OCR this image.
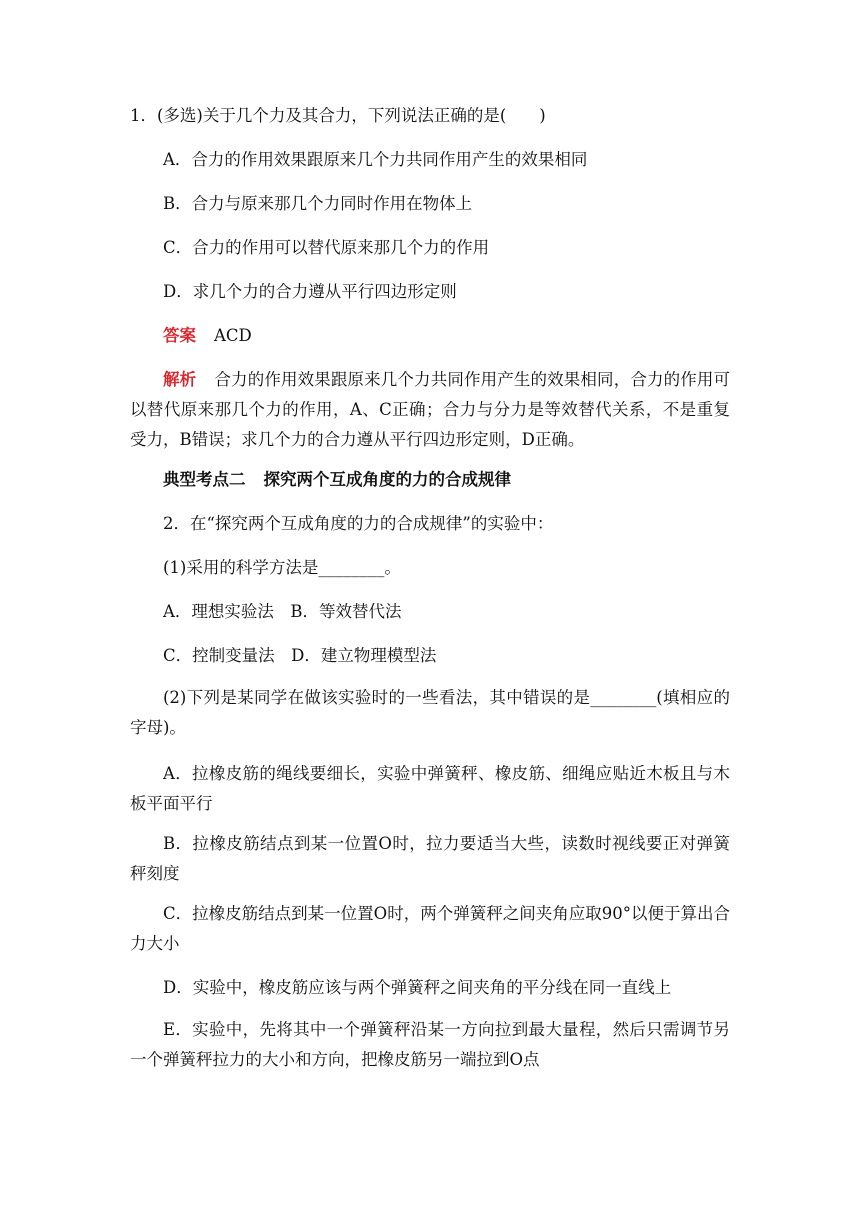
1．(多选)关于几个力及其合力，下列说法正确的是(　　)
A．合力的作用效果跟原来几个力共同作用产生的效果相同
B．合力与原来那几个力同时作用在物体上
C．合力的作用可以替代原来那几个力的作用
D．求几个力的合力遵从平行四边形定则
答案 ACD
解析 合力的作用效果跟原来几个力共同作用产生的效果相同，合力的作用可以替代原来那几个力的作用，A、C正确；合力与分力是等效替代关系，不是重复受力，B错误；求几个力的合力遵从平行四边形定则，D正确。
典型考点二 探究两个互成角度的力的合成规律
2．在“探究两个互成角度的力的合成规律”的实验中：
(1)采用的科学方法是________。
A．理想实验法　B．等效替代法
C．控制变量法　D．建立物理模型法
(2)下列是某同学在做该实验时的一些看法，其中错误的是________(填相应的字母)。
A．拉橡皮筋的绳线要细长，实验中弹簧秤、橡皮筋、细绳应贴近木板且与木板平面平行
B．拉橡皮筋结点到某一位置O时，拉力要适当大些，读数时视线要正对弹簧秤刻度
C．拉橡皮筋结点到某一位置O时，两个弹簧秤之间夹角应取90°以便于算出合力大小
D．实验中，橡皮筋应该与两个弹簧秤之间夹角的平分线在同一直线上
E．实验中，先将其中一个弹簧秤沿某一方向拉到最大量程，然后只需调节另一个弹簧秤拉力的大小和方向，把橡皮筋另一端拉到O点
